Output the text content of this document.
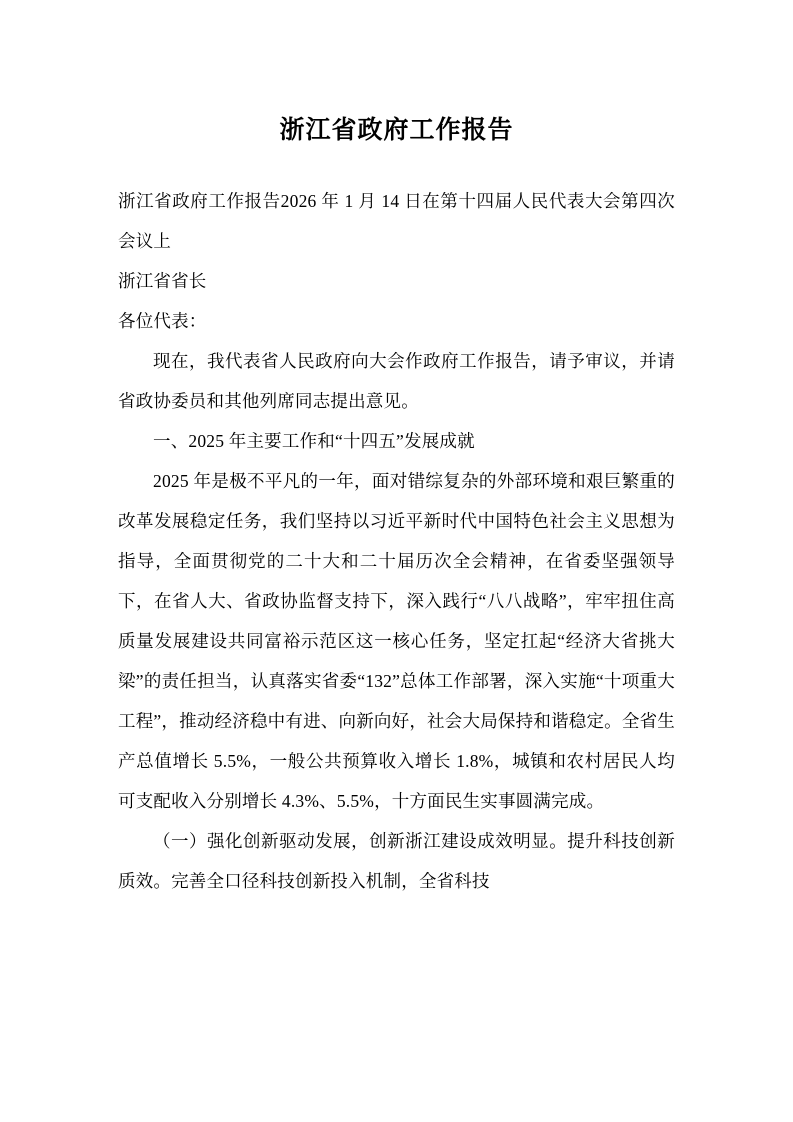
浙江省政府工作报告

浙江省政府工作报告2026 年 1 月 14 日在第十四届人民代表大会第四次会议上

浙江省省长

各位代表：

现在，我代表省人民政府向大会作政府工作报告，请予审议，并请省政协委员和其他列席同志提出意见。

一、2025 年主要工作和“十四五”发展成就

2025 年是极不平凡的一年，面对错综复杂的外部环境和艰巨繁重的改革发展稳定任务，我们坚持以习近平新时代中国特色社会主义思想为指导，全面贯彻党的二十大和二十届历次全会精神，在省委坚强领导下，在省人大、省政协监督支持下，深入践行“八八战略”，牢牢扭住高质量发展建设共同富裕示范区这一核心任务，坚定扛起“经济大省挑大梁”的责任担当，认真落实省委“132”总体工作部署，深入实施“十项重大工程”，推动经济稳中有进、向新向好，社会大局保持和谐稳定。全省生产总值增长 5.5%，一般公共预算收入增长 1.8%，城镇和农村居民人均可支配收入分别增长 4.3%、5.5%，十方面民生实事圆满完成。

（一）强化创新驱动发展，创新浙江建设成效明显。提升科技创新质效。完善全口径科技创新投入机制，全省科技
